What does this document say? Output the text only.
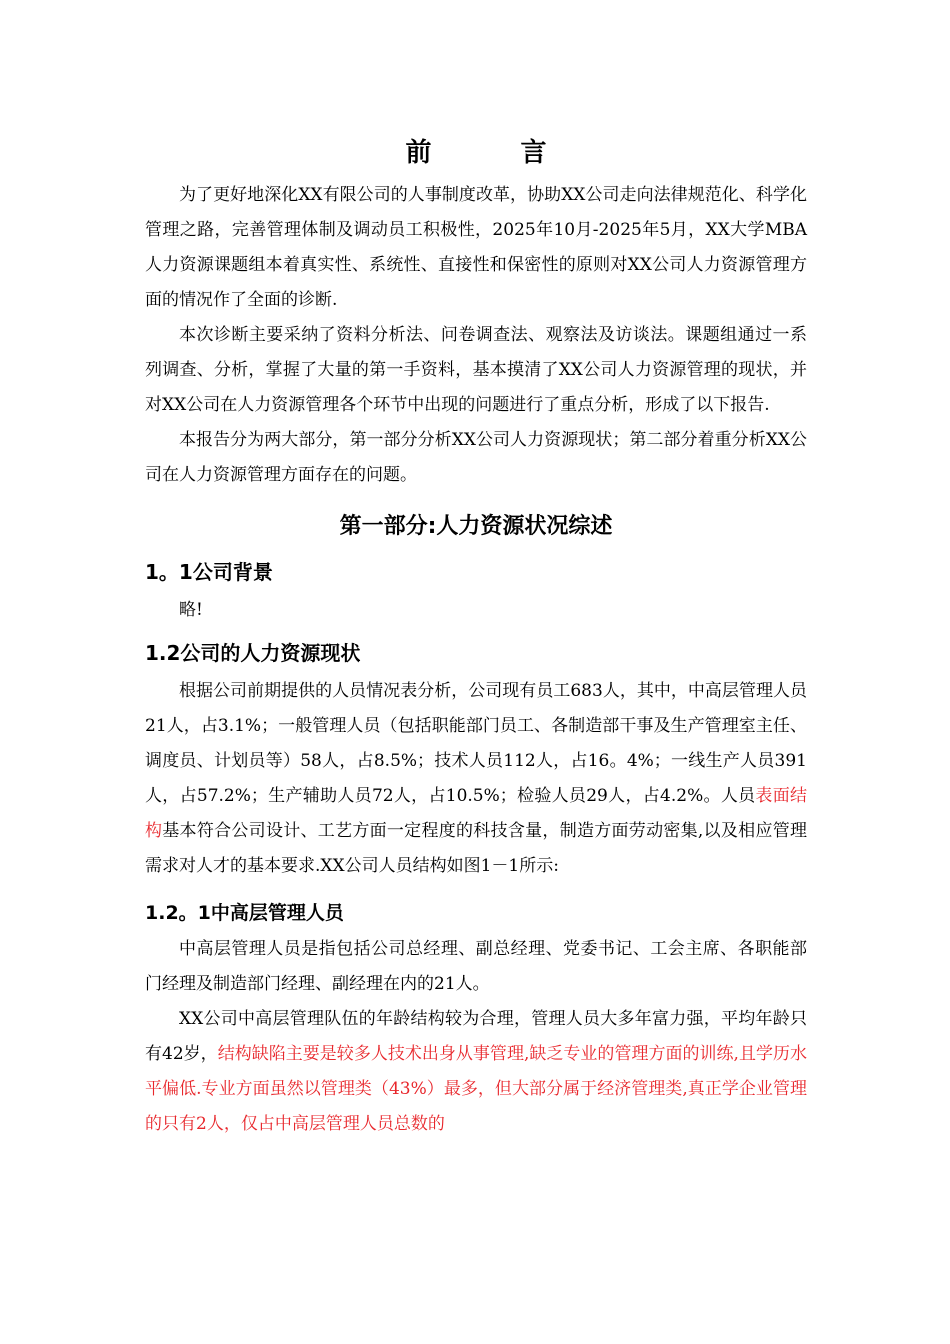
前 言

为了更好地深化XX有限公司的人事制度改革，协助XX公司走向法律规范化、科学化管理之路，完善管理体制及调动员工积极性，2025年10月-2025年5月，XX大学MBA人力资源课题组本着真实性、系统性、直接性和保密性的原则对XX公司人力资源管理方面的情况作了全面的诊断.

本次诊断主要采纳了资料分析法、问卷调查法、观察法及访谈法。课题组通过一系列调查、分析，掌握了大量的第一手资料，基本摸清了XX公司人力资源管理的现状，并对XX公司在人力资源管理各个环节中出现的问题进行了重点分析，形成了以下报告.

本报告分为两大部分，第一部分分析XX公司人力资源现状；第二部分着重分析XX公司在人力资源管理方面存在的问题。

第一部分:人力资源状况综述
1。1公司背景

略!

1.2公司的人力资源现状

根据公司前期提供的人员情况表分析，公司现有员工683人，其中，中高层管理人员21人，占3.1%；一般管理人员（包括职能部门员工、各制造部干事及生产管理室主任、调度员、计划员等）58人，占8.5%；技术人员112人，占16。4%；一线生产人员391人，占57.2%；生产辅助人员72人，占10.5%；检验人员29人，占4.2%。人员表面结构基本符合公司设计、工艺方面一定程度的科技含量，制造方面劳动密集,以及相应管理需求对人才的基本要求.XX公司人员结构如图1－1所示:

1.2。1中高层管理人员

中高层管理人员是指包括公司总经理、副总经理、党委书记、工会主席、各职能部门经理及制造部门经理、副经理在内的21人。

XX公司中高层管理队伍的年龄结构较为合理，管理人员大多年富力强，平均年龄只有42岁，结构缺陷主要是较多人技术出身从事管理,缺乏专业的管理方面的训练,且学历水平偏低.专业方面虽然以管理类（43%）最多，但大部分属于经济管理类,真正学企业管理的只有2人，仅占中高层管理人员总数的
